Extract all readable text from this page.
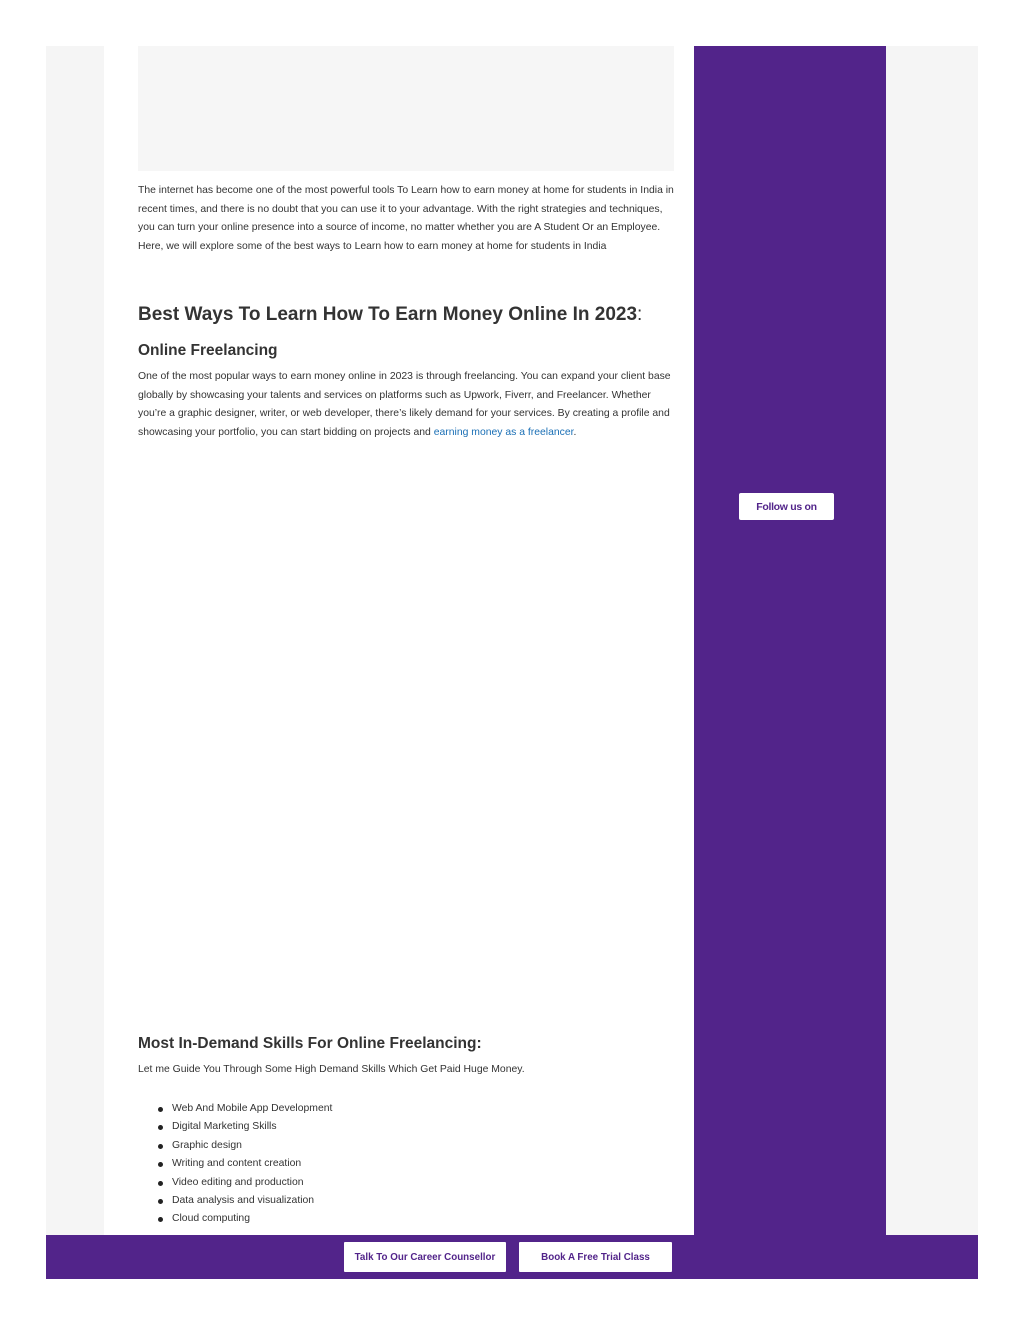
The internet has become one of the most powerful tools To Learn how to earn money at home for students in India in recent times, and there is no doubt that you can use it to your advantage. With the right strategies and techniques, you can turn your online presence into a source of income, no matter whether you are A Student Or an Employee. Here, we will explore some of the best ways to Learn how to earn money at home for students in India

Best Ways To Learn How To Earn Money Online In 2023:
Online Freelancing

One of the most popular ways to earn money online in 2023 is through freelancing. You can expand your client base globally by showcasing your talents and services on platforms such as Upwork, Fiverr, and Freelancer. Whether you’re a graphic designer, writer, or web developer, there’s likely demand for your services. By creating a profile and showcasing your portfolio, you can start bidding on projects and earning money as a freelancer.

Most In-Demand Skills For Online Freelancing:

Let me Guide You Through Some High Demand Skills Which Get Paid Huge Money.

Web And Mobile App Development
Digital Marketing Skills
Graphic design
Writing and content creation
Video editing and production
Data analysis and visualization
Cloud computing
Follow us on
Talk To Our Career Counsellor	Book A Free Trial Class
